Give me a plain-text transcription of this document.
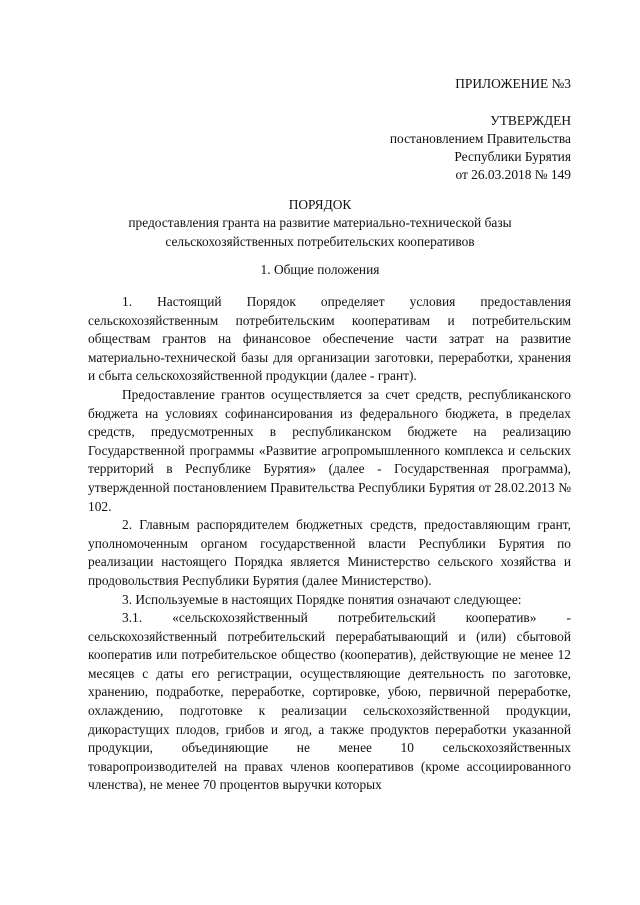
ПРИЛОЖЕНИЕ №3
УТВЕРЖДЕН
постановлением Правительства
Республики Бурятия
от 26.03.2018 № 149
ПОРЯДОК
предоставления гранта на развитие материально-технической базы сельскохозяйственных потребительских кооперативов
1. Общие положения

1. Настоящий Порядок определяет условия предоставления сельскохозяйственным потребительским кооперативам и потребительским обществам грантов на финансовое обеспечение части затрат на развитие материально-технической базы для организации заготовки, переработки, хранения и сбыта сельскохозяйственной продукции (далее - грант).

Предоставление грантов осуществляется за счет средств, республиканского бюджета на условиях софинансирования из федерального бюджета, в пределах средств, предусмотренных в республиканском бюджете на реализацию Государственной программы «Развитие агропромышленного комплекса и сельских территорий в Республике Бурятия» (далее - Государственная программа), утвержденной постановлением Правительства Республики Бурятия от 28.02.2013 № 102.

2. Главным распорядителем бюджетных средств, предоставляющим грант, уполномоченным органом государственной власти Республики Бурятия по реализации настоящего Порядка является Министерство сельского хозяйства и продовольствия Республики Бурятия (далее Министерство).

3. Используемые в настоящих Порядке понятия означают следующее:

3.1. «сельскохозяйственный потребительский кооператив» - сельскохозяйственный потребительский перерабатывающий и (или) сбытовой кооператив или потребительское общество (кооператив), действующие не менее 12 месяцев с даты его регистрации, осуществляющие деятельность по заготовке, хранению, подработке, переработке, сортировке, убою, первичной переработке, охлаждению, подготовке к реализации сельскохозяйственной продукции, дикорастущих плодов, грибов и ягод, а также продуктов переработки указанной продукции, объединяющие не менее 10 сельскохозяйственных товаропроизводителей на правах членов кооперативов (кроме ассоциированного членства), не менее 70 процентов выручки которых
